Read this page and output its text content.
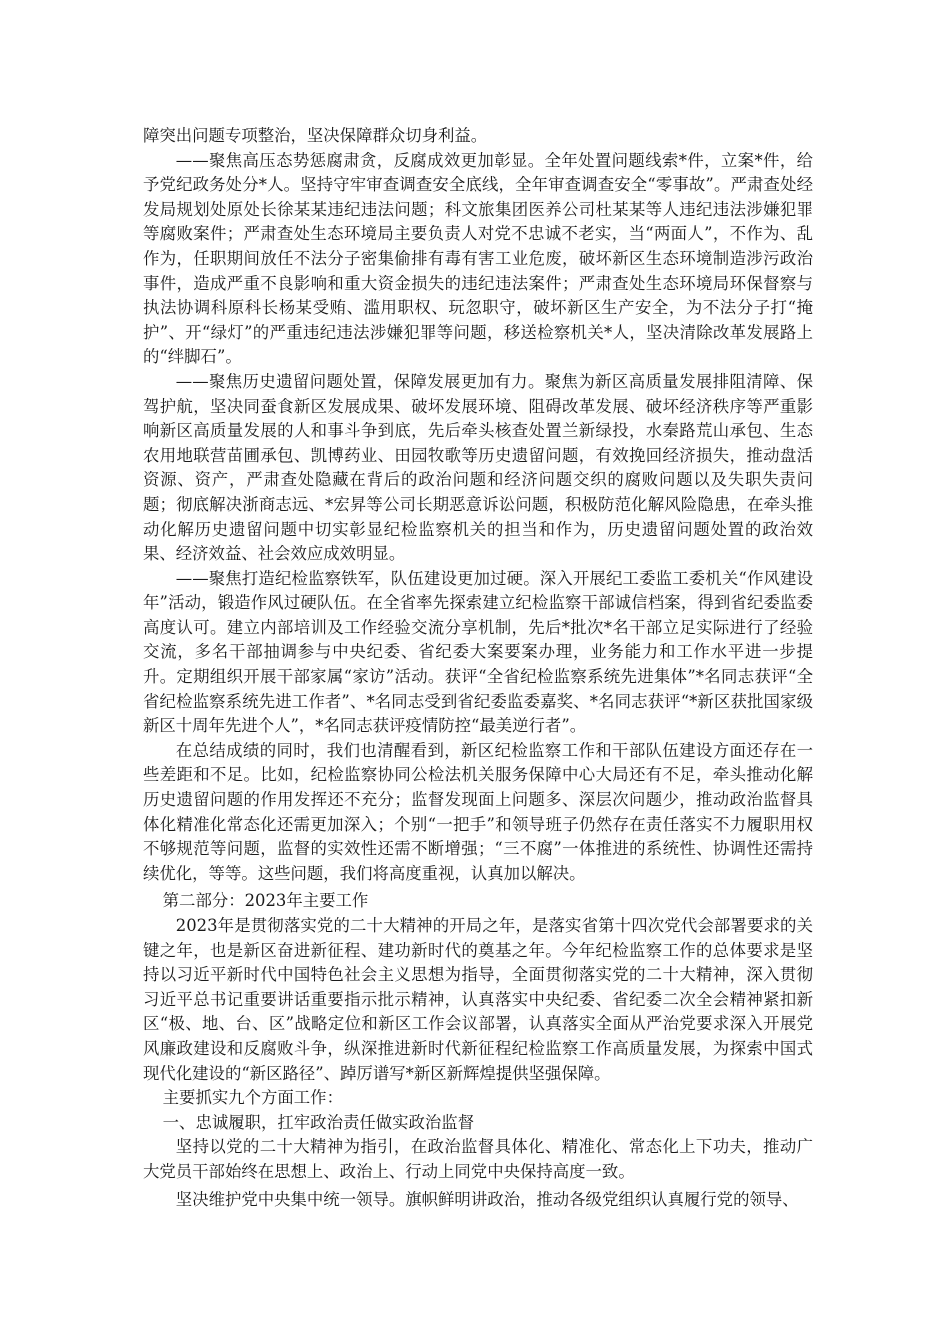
障突出问题专项整治，坚决保障群众切身利益。

——聚焦高压态势惩腐肃贪，反腐成效更加彰显。全年处置问题线索*件，立案*件，给予党纪政务处分*人。坚持守牢审查调查安全底线，全年审查调查安全“零事故”。严肃查处经发局规划处原处长徐某某违纪违法问题；科文旅集团医养公司杜某某等人违纪违法涉嫌犯罪等腐败案件；严肃查处生态环境局主要负责人对党不忠诚不老实，当“两面人”，不作为、乱作为，任职期间放任不法分子密集偷排有毒有害工业危废，破坏新区生态环境制造涉污政治事件，造成严重不良影响和重大资金损失的违纪违法案件；严肃查处生态环境局环保督察与执法协调科原科长杨某受贿、滥用职权、玩忽职守，破坏新区生产安全，为不法分子打“掩护”、开“绿灯”的严重违纪违法涉嫌犯罪等问题，移送检察机关*人，坚决清除改革发展路上的“绊脚石”。

——聚焦历史遗留问题处置，保障发展更加有力。聚焦为新区高质量发展排阻清障、保驾护航，坚决同蚕食新区发展成果、破坏发展环境、阻碍改革发展、破坏经济秩序等严重影响新区高质量发展的人和事斗争到底，先后牵头核查处置兰新绿投，水秦路荒山承包、生态农用地联营苗圃承包、凯博药业、田园牧歌等历史遗留问题，有效挽回经济损失，推动盘活资源、资产，严肃查处隐藏在背后的政治问题和经济问题交织的腐败问题以及失职失责问题；彻底解决浙商志远、*宏昇等公司长期恶意诉讼问题，积极防范化解风险隐患，在牵头推动化解历史遗留问题中切实彰显纪检监察机关的担当和作为，历史遗留问题处置的政治效果、经济效益、社会效应成效明显。

——聚焦打造纪检监察铁军，队伍建设更加过硬。深入开展纪工委监工委机关“作风建设年”活动，锻造作风过硬队伍。在全省率先探索建立纪检监察干部诚信档案，得到省纪委监委高度认可。建立内部培训及工作经验交流分享机制，先后*批次*名干部立足实际进行了经验交流，多名干部抽调参与中央纪委、省纪委大案要案办理，业务能力和工作水平进一步提升。定期组织开展干部家属“家访”活动。获评“全省纪检监察系统先进集体”*名同志获评“全省纪检监察系统先进工作者”、*名同志受到省纪委监委嘉奖、*名同志获评“*新区获批国家级新区十周年先进个人”，*名同志获评疫情防控“最美逆行者”。

在总结成绩的同时，我们也清醒看到，新区纪检监察工作和干部队伍建设方面还存在一些差距和不足。比如，纪检监察协同公检法机关服务保障中心大局还有不足，牵头推动化解历史遗留问题的作用发挥还不充分；监督发现面上问题多、深层次问题少，推动政治监督具体化精准化常态化还需更加深入；个别“一把手”和领导班子仍然存在责任落实不力履职用权不够规范等问题，监督的实效性还需不断增强；“三不腐”一体推进的系统性、协调性还需持续优化，等等。这些问题，我们将高度重视，认真加以解决。

第二部分：2023年主要工作

2023年是贯彻落实党的二十大精神的开局之年，是落实省第十四次党代会部署要求的关键之年，也是新区奋进新征程、建功新时代的奠基之年。今年纪检监察工作的总体要求是坚持以习近平新时代中国特色社会主义思想为指导，全面贯彻落实党的二十大精神，深入贯彻习近平总书记重要讲话重要指示批示精神，认真落实中央纪委、省纪委二次全会精神紧扣新区“极、地、台、区”战略定位和新区工作会议部署，认真落实全面从严治党要求深入开展党风廉政建设和反腐败斗争，纵深推进新时代新征程纪检监察工作高质量发展，为探索中国式现代化建设的“新区路径”、踔厉谱写*新区新辉煌提供坚强保障。

主要抓实九个方面工作：

一、忠诚履职，扛牢政治责任做实政治监督

坚持以党的二十大精神为指引，在政治监督具体化、精准化、常态化上下功夫，推动广大党员干部始终在思想上、政治上、行动上同党中央保持高度一致。

坚决维护党中央集中统一领导。旗帜鲜明讲政治，推动各级党组织认真履行党的领导、
